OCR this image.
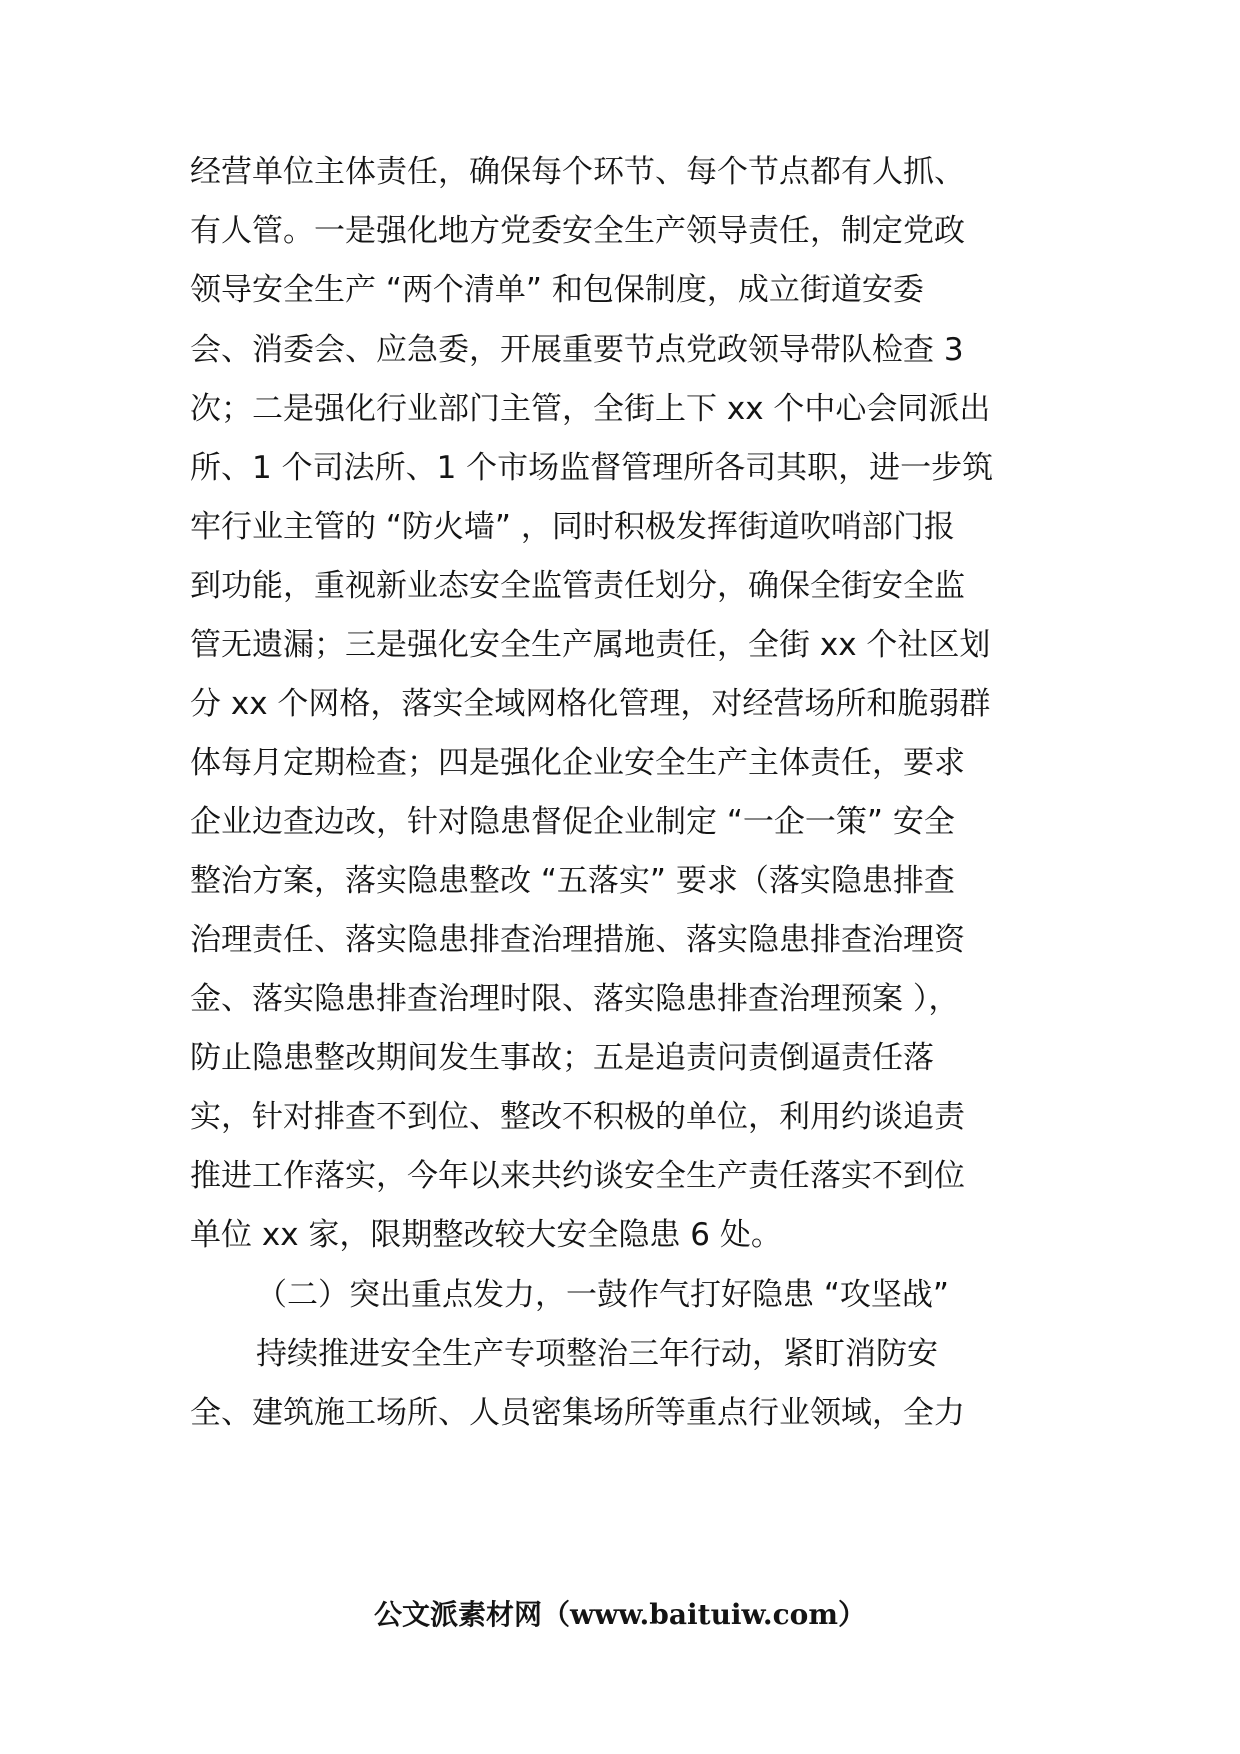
经营单位主体责任，确保每个环节、每个节点都有人抓、
有人管。一是强化地方党委安全生产领导责任，制定党政
领导安全生产 “两个清单” 和包保制度，成立街道安委
会、消委会、应急委，开展重要节点党政领导带队检查 3
次；二是强化行业部门主管，全街上下 xx 个中心会同派出
所、1 个司法所、1 个市场监督管理所各司其职，进一步筑
牢行业主管的 “防火墙” ，同时积极发挥街道吹哨部门报
到功能，重视新业态安全监管责任划分，确保全街安全监
管无遗漏；三是强化安全生产属地责任，全街 xx 个社区划
分 xx 个网格，落实全域网格化管理，对经营场所和脆弱群
体每月定期检查；四是强化企业安全生产主体责任，要求
企业边查边改，针对隐患督促企业制定 “一企一策” 安全
整治方案，落实隐患整改 “五落实” 要求（落实隐患排查
治理责任、落实隐患排查治理措施、落实隐患排查治理资
金、落实隐患排查治理时限、落实隐患排查治理预案 ），
防止隐患整改期间发生事故；五是追责问责倒逼责任落
实，针对排查不到位、整改不积极的单位，利用约谈追责
推进工作落实，今年以来共约谈安全生产责任落实不到位
单位 xx 家，限期整改较大安全隐患 6 处。
（二）突出重点发力，一鼓作气打好隐患 “攻坚战”
持续推进安全生产专项整治三年行动，紧盯消防安
全、建筑施工场所、人员密集场所等重点行业领域，全力
公文派素材网（www.baituiw.com）
